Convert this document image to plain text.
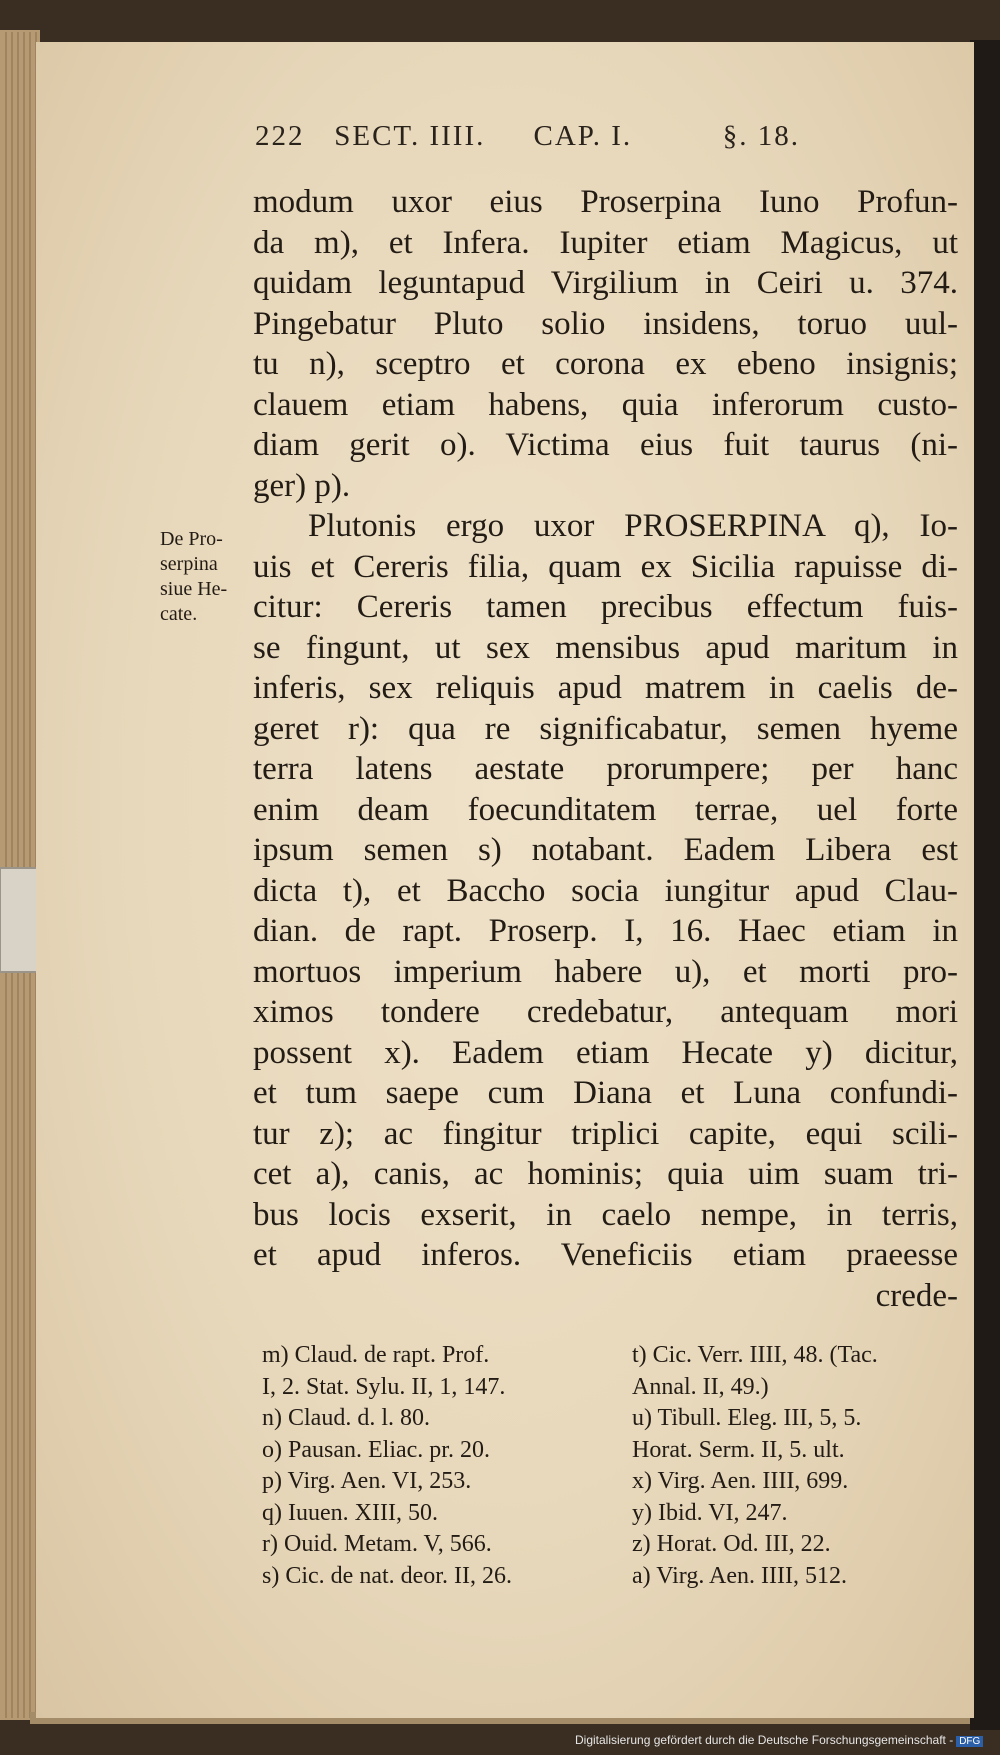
222 SECT. IIII. CAP. I.	§. 18.
De Pro-
serpina
siue He-
cate.
modum uxor eius Proserpina Iuno Profun-
da m), et Infera. Iupiter etiam Magicus, ut
quidam leguntapud Virgilium in Ceiri u. 374.
Pingebatur Pluto solio insidens, toruo uul-
tu n), sceptro et corona ex ebeno insignis;
clauem etiam habens, quia inferorum custo-
diam gerit o). Victima eius fuit taurus (ni-
ger) p).
Plutonis ergo uxor PROSERPINA q), Io-
uis et Cereris filia, quam ex Sicilia rapuisse di-
citur: Cereris tamen precibus effectum fuis-
se fingunt, ut sex mensibus apud maritum in
inferis, sex reliquis apud matrem in caelis de-
geret r): qua re significabatur, semen hyeme
terra latens aestate prorumpere; per hanc
enim deam foecunditatem terrae, uel forte
ipsum semen s) notabant. Eadem Libera est
dicta t), et Baccho socia iungitur apud Clau-
dian. de rapt. Proserp. I, 16. Haec etiam in
mortuos imperium habere u), et morti pro-
ximos tondere credebatur, antequam mori
possent x). Eadem etiam Hecate y) dicitur,
et tum saepe cum Diana et Luna confundi-
tur z); ac fingitur triplici capite, equi scili-
cet a), canis, ac hominis; quia uim suam tri-
bus locis exserit, in caelo nempe, in terris,
et apud inferos. Veneficiis etiam praeesse
crede-
m) Claud. de rapt. Prof.
I, 2. Stat. Sylu. II, 1, 147.
n) Claud. d. l. 80.
o) Pausan. Eliac. pr. 20.
p) Virg. Aen. VI, 253.
q) Iuuen. XIII, 50.
r) Ouid. Metam. V, 566.
s) Cic. de nat. deor. II, 26.
t) Cic. Verr. IIII, 48. (Tac.
Annal. II, 49.)
u) Tibull. Eleg. III, 5, 5.
Horat. Serm. II, 5. ult.
x) Virg. Aen. IIII, 699.
y) Ibid. VI, 247.
z) Horat. Od. III, 22.
a) Virg. Aen. IIII, 512.
Digitalisierung gefördert durch die Deutsche Forschungsgemeinschaft - DFG
